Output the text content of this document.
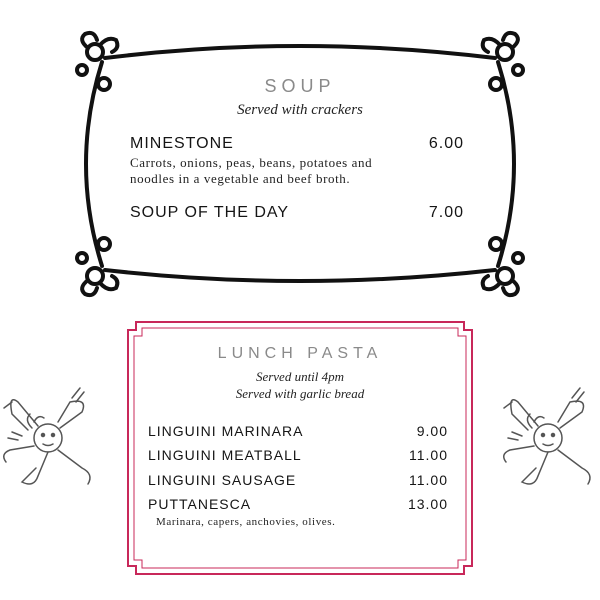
SOUP
Served with crackers
MINESTONE	6.00
Carrots, onions, peas, beans, potatoes and
noodles in a vegetable and beef broth.
SOUP OF THE DAY	7.00
LUNCH PASTA
Served until 4pm
Served with garlic bread
LINGUINI MARINARA	9.00
LINGUINI MEATBALL	11.00
LINGUINI SAUSAGE	11.00
PUTTANESCA	13.00
Marinara, capers, anchovies, olives.
